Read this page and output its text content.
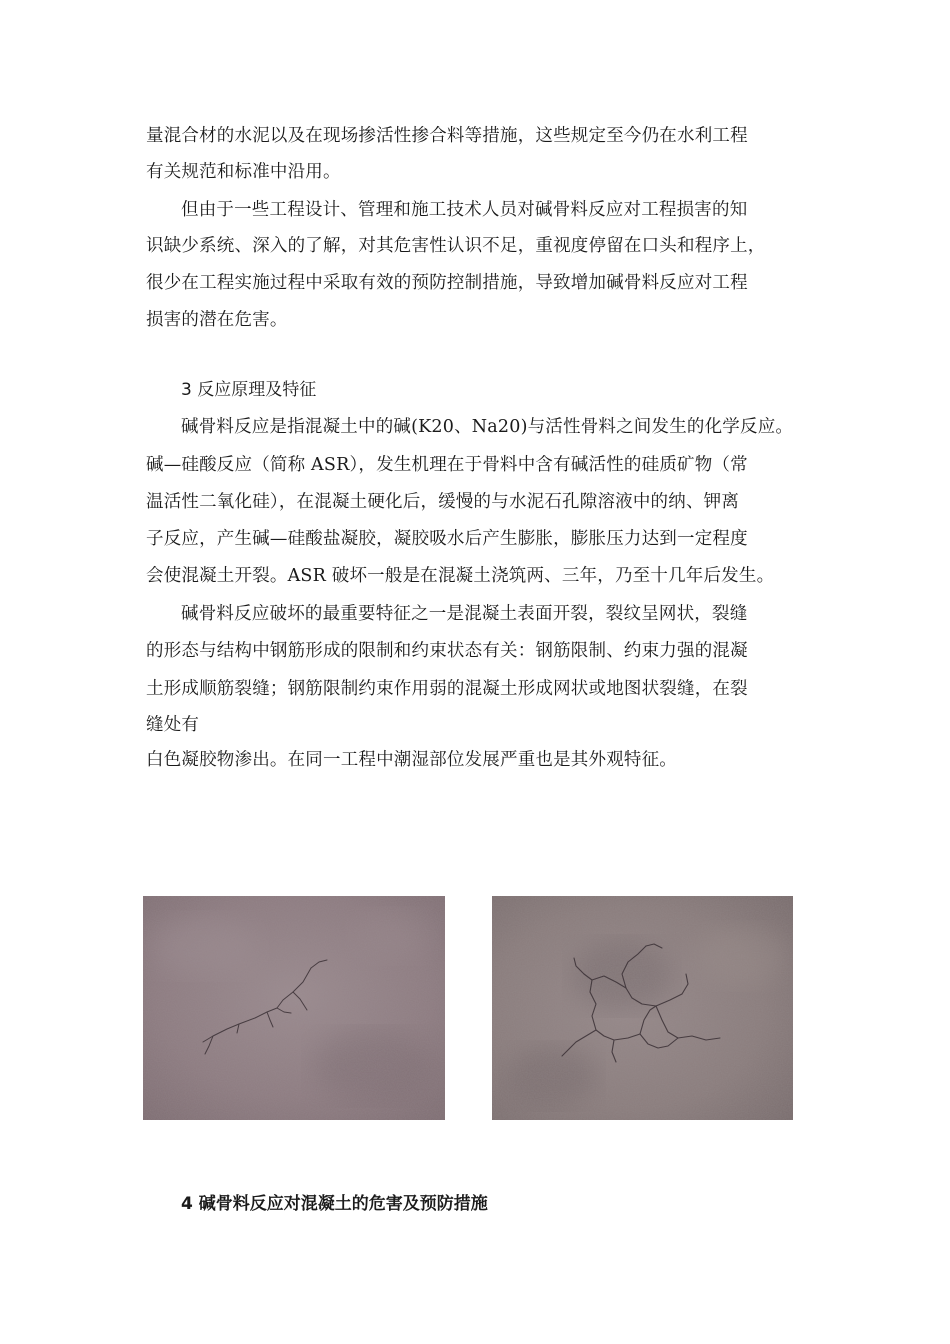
量混合材的水泥以及在现场掺活性掺合料等措施，这些规定至今仍在水利工程
有关规范和标准中沿用。
但由于一些工程设计、管理和施工技术人员对碱骨料反应对工程损害的知
识缺少系统、深入的了解，对其危害性认识不足，重视度停留在口头和程序上，
很少在工程实施过程中采取有效的预防控制措施，导致增加碱骨料反应对工程
损害的潜在危害。
3 反应原理及特征
碱骨料反应是指混凝土中的碱(K20、Na20)与活性骨料之间发生的化学反应。
碱—硅酸反应（简称 ASR），发生机理在于骨料中含有碱活性的硅质矿物（常
温活性二氧化硅），在混凝土硬化后，缓慢的与水泥石孔隙溶液中的纳、钾离
子反应，产生碱—硅酸盐凝胶，凝胶吸水后产生膨胀，膨胀压力达到一定程度
会使混凝土开裂。ASR 破坏一般是在混凝土浇筑两、三年，乃至十几年后发生。
碱骨料反应破坏的最重要特征之一是混凝土表面开裂，裂纹呈网状，裂缝
的形态与结构中钢筋形成的限制和约束状态有关：钢筋限制、约束力强的混凝
土形成顺筋裂缝；钢筋限制约束作用弱的混凝土形成网状或地图状裂缝，在裂
缝处有
白色凝胶物渗出。在同一工程中潮湿部位发展严重也是其外观特征。
4 碱骨料反应对混凝土的危害及预防措施
